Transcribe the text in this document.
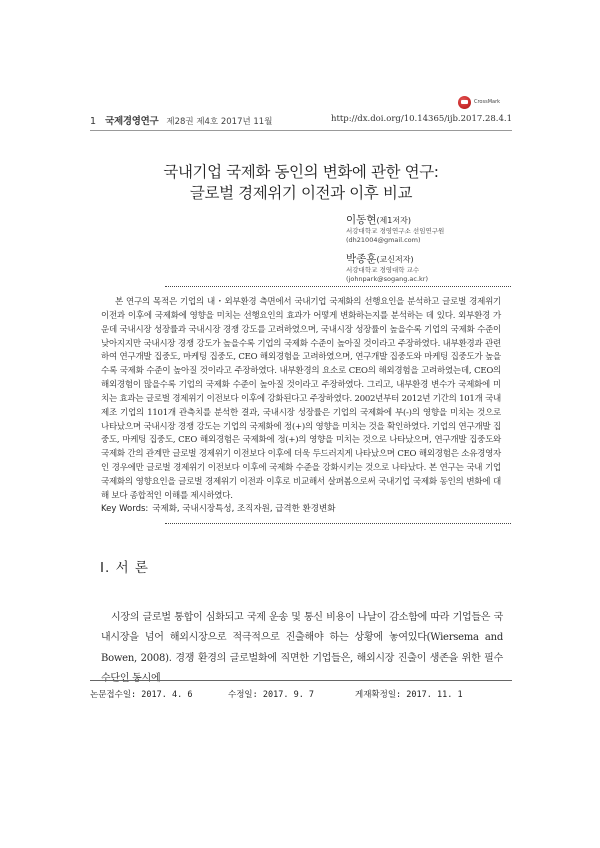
1 국제경영연구 제28권 제4호 2017년 11월
CrossMark
http://dx.doi.org/10.14365/ijb.2017.28.4.1
국내기업 국제화 동인의 변화에 관한 연구:
글로벌 경제위기 이전과 이후 비교
이동현(제1저자)
서강대학교 경영연구소 선임연구원
(dh21004@gmail.com)
박종훈(교신저자)
서강대학교 경영대학 교수
(johnpark@sogang.ac.kr)
본 연구의 목적은 기업의 내・외부환경 측면에서 국내기업 국제화의 선행요인을 분석하고 글로벌 경제위기 이전과 이후에 국제화에 영향을 미치는 선행요인의 효과가 어떻게 변화하는지를 분석하는 데 있다. 외부환경 가운데 국내시장 성장률과 국내시장 경쟁 강도를 고려하였으며, 국내시장 성장률이 높을수록 기업의 국제화 수준이 낮아지지만 국내시장 경쟁 강도가 높을수록 기업의 국제화 수준이 높아질 것이라고 주장하였다. 내부환경과 관련하여 연구개발 집중도, 마케팅 집중도, CEO 해외경험을 고려하였으며, 연구개발 집중도와 마케팅 집중도가 높을수록 국제화 수준이 높아질 것이라고 주장하였다. 내부환경의 요소로 CEO의 해외경험을 고려하였는데, CEO의 해외경험이 많을수록 기업의 국제화 수준이 높아질 것이라고 주장하였다. 그리고, 내부환경 변수가 국제화에 미치는 효과는 글로벌 경제위기 이전보다 이후에 강화된다고 주장하였다. 2002년부터 2012년 기간의 101개 국내 제조 기업의 1101개 관측치를 분석한 결과, 국내시장 성장률은 기업의 국제화에 부(-)의 영향을 미치는 것으로 나타났으며 국내시장 경쟁 강도는 기업의 국제화에 정(+)의 영향을 미치는 것을 확인하였다. 기업의 연구개발 집중도, 마케팅 집중도, CEO 해외경험은 국제화에 정(+)의 영향을 미치는 것으로 나타났으며, 연구개발 집중도와 국제화 간의 관계만 글로벌 경제위기 이전보다 이후에 더욱 두드러지게 나타났으며 CEO 해외경험은 소유경영자인 경우에만 글로벌 경제위기 이전보다 이후에 국제화 수준을 강화시키는 것으로 나타났다. 본 연구는 국내 기업 국제화의 영향요인을 글로벌 경제위기 이전과 이후로 비교해서 살펴봄으로써 국내기업 국제화 동인의 변화에 대해 보다 종합적인 이해를 제시하였다.
Key Words: 국제화, 국내시장특성, 조직자원, 급격한 환경변화
Ⅰ. 서 론
시장의 글로벌 통합이 심화되고 국제 운송 및 통신 비용이 나날이 감소함에 따라 기업들은 국내시장을 넘어 해외시장으로 적극적으로 진출해야 하는 상황에 놓여있다(Wiersema and Bowen, 2008). 경쟁 환경의 글로벌화에 직면한 기업들은, 해외시장 진출이 생존을 위한 필수 수단인 동시에
논문접수일: 2017. 4. 6	수정일: 2017. 9. 7	게재확정일: 2017. 11. 1
